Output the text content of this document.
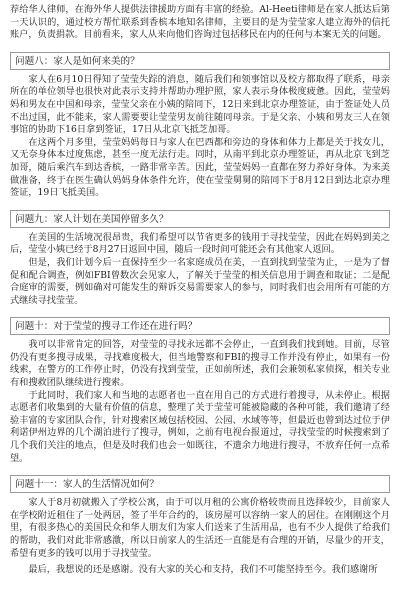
荐给华人律师，在海外华人提供法律援助方面有丰富的经验。Al-Heeti律师是在家人抵达后第一天认识的，通过校方帮忙联系到香槟本地知名律师，主要目的是为莹莹家人建立海外的信托账户，负责捐款。目前看来，家人从来向他们咨询过包括移民在内的任何与本案无关的问题。

问题八：家人是如何来美的？

家人在6月10日得知了莹莹失踪的消息，随后我们和领事馆以及校方都取得了联系，母亲所在的单位领导也很快对此表示支持并帮助办理护照，家人表示身体极度疲惫。因此，莹莹妈妈和男友在中国和母亲，莹莹父亲在小姨的陪同下，12日来到北京办理签证，由于签证处人员不出过国，此不能来，家人需要要让莹莹男友前往随同母亲。于是父亲、小姨和男友三人在领事馆的协助下16日拿到签证，17日从北京飞抵芝加哥。

在这两个月多里，莹莹妈妈每日与家人在巴西都和旁边的身体和体力上都是关于找女儿，又无奈身体本过度焦虑，甚至一度无法行走。同时，从南平到北京办理签证，再从北京飞到芝加哥，随后乘汽车到达香槟，一路非常辛苦。因此，莹莹妈妈一直都在努力养好身体。为来美做准备，终于在医生确认妈妈身体条件允许，使在莹莹舅舅的陪同下于8月12日到达北京办理签证，19日飞抵美国。

问题九：家人计划在美国停留多久？

在美国的生活境况很昂贵，我们希望可以节省更多的钱用于寻找莹莹，因此在妈妈到美之后，莹莹小姨已经于8月27日返回中国，随后一段时间可能还会有其他家人返回。

但是，我们计划今后一直保持至少一名家庭成员在美，一直到找到莹莹为止，一是为了督促和配合调查，例如FBI曾数次会见家人，了解关于莹莹的相关信息用于调查和取证；二是配合庭审的需要，例如确对可能发生的辩诉交易需要家人的参与，同时我们也会用所有可能的方式继续寻找莹莹。

问题十：对于莹莹的搜寻工作还在进行吗？

我可以非常肯定的回答，对莹莹的寻找永远都不会停止，一直到我们找到她。目前，尽管仍没有更多搜寻成果，寻找难度极大，但当地警察和FBI的搜寻工作并没有停止，如果有一份线索，在警方的工作停止时，仍没有找到莹莹，正如前所述，我们会兼领私家侦探，相关专业有和搜救团队继续进行搜索。

于此同时，我们家人和当地的志愿者也一直在用自己的方式进行着搜寻，从未停止。根据志愿者们收集到的大量有价值的信息，整理了关于莹莹可能被隐藏的各种可能，我们邀请了经验丰富的专家团队合作，针对搜索区域包括校园、公园、水域等等，但最近也曾到达过位于伊利诺伊州边界的几个湖泊进行了搜寻，例如，之前有电视台报道过，寻找莹莹的时候搜索到了几个我们关注的地点，但是及时我们也会一如既往，不遗余力地进行搜寻，不放弃任何一点希望。

问题十一：家人的生活情况如何？

家人于8月初就搬入了学校公寓，由于可以月租的公寓价格较贵而且选择较少，目前家人在学校附近租住了一处两居，签了半年合约的，该房屋可以容纳一家人的居住。在刚刚这个月里，有很多热心的美国民众和华人朋友们为家人们送来了生活用品，也有不少人提供了给我们的帮助，我们对此非常感激，所以日前家人的生活还一直能是有合理的开销，尽量少的开支，希望有更多的钱可以用于寻找莹莹。

最后，我想说的还是感谢。没有大家的关心和支持，我们不可能坚持至今。我们感谢所
